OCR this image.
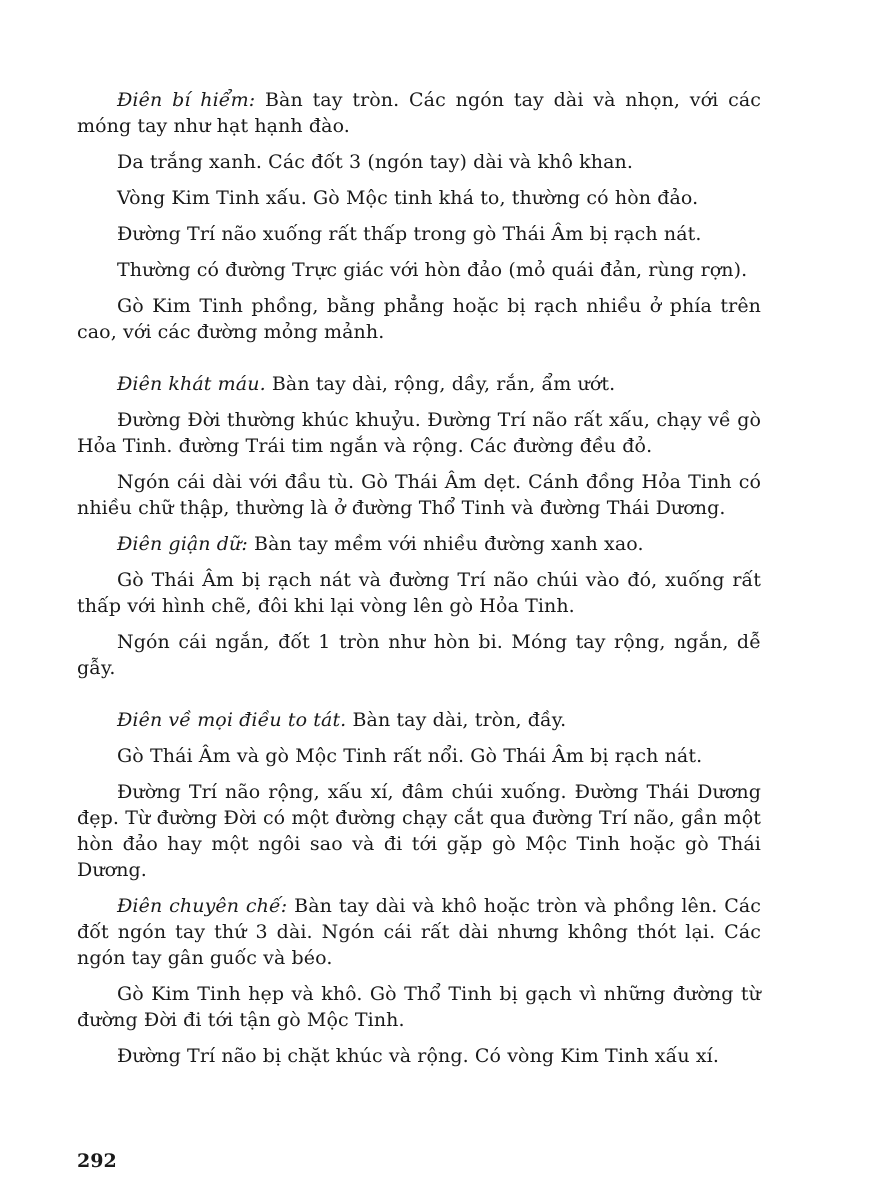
Điên bí hiểm: Bàn tay tròn. Các ngón tay dài và nhọn, với các móng tay như hạt hạnh đào.

Da trắng xanh. Các đốt 3 (ngón tay) dài và khô khan.

Vòng Kim Tinh xấu. Gò Mộc tinh khá to, thường có hòn đảo.

Đường Trí não xuống rất thấp trong gò Thái Âm bị rạch nát.

Thường có đường Trực giác với hòn đảo (mỏ quái đản, rùng rợn).

Gò Kim Tinh phồng, bằng phẳng hoặc bị rạch nhiều ở phía trên cao, với các đường mỏng mảnh.

Điên khát máu. Bàn tay dài, rộng, dầy, rắn, ẩm ướt.

Đường Đời thường khúc khuỷu. Đường Trí não rất xấu, chạy về gò Hỏa Tinh. đường Trái tim ngắn và rộng. Các đường đều đỏ.

Ngón cái dài với đầu tù. Gò Thái Âm dẹt. Cánh đồng Hỏa Tinh có nhiều chữ thập, thường là ở đường Thổ Tinh và đường Thái Dương.

Điên giận dữ: Bàn tay mềm với nhiều đường xanh xao.

Gò Thái Âm bị rạch nát và đường Trí não chúi vào đó, xuống rất thấp với hình chẽ, đôi khi lại vòng lên gò Hỏa Tinh.

Ngón cái ngắn, đốt 1 tròn như hòn bi. Móng tay rộng, ngắn, dễ gẫy.

Điên về mọi điều to tát. Bàn tay dài, tròn, đầy.

Gò Thái Âm và gò Mộc Tinh rất nổi. Gò Thái Âm bị rạch nát.

Đường Trí não rộng, xấu xí, đâm chúi xuống. Đường Thái Dương đẹp. Từ đường Đời có một đường chạy cắt qua đường Trí não, gần một hòn đảo hay một ngôi sao và đi tới gặp gò Mộc Tinh hoặc gò Thái Dương.

Điên chuyên chế: Bàn tay dài và khô hoặc tròn và phồng lên. Các đốt ngón tay thứ 3 dài. Ngón cái rất dài nhưng không thót lại. Các ngón tay gân guốc và béo.

Gò Kim Tinh hẹp và khô. Gò Thổ Tinh bị gạch vì những đường từ đường Đời đi tới tận gò Mộc Tinh.

Đường Trí não bị chặt khúc và rộng. Có vòng Kim Tinh xấu xí.

292
